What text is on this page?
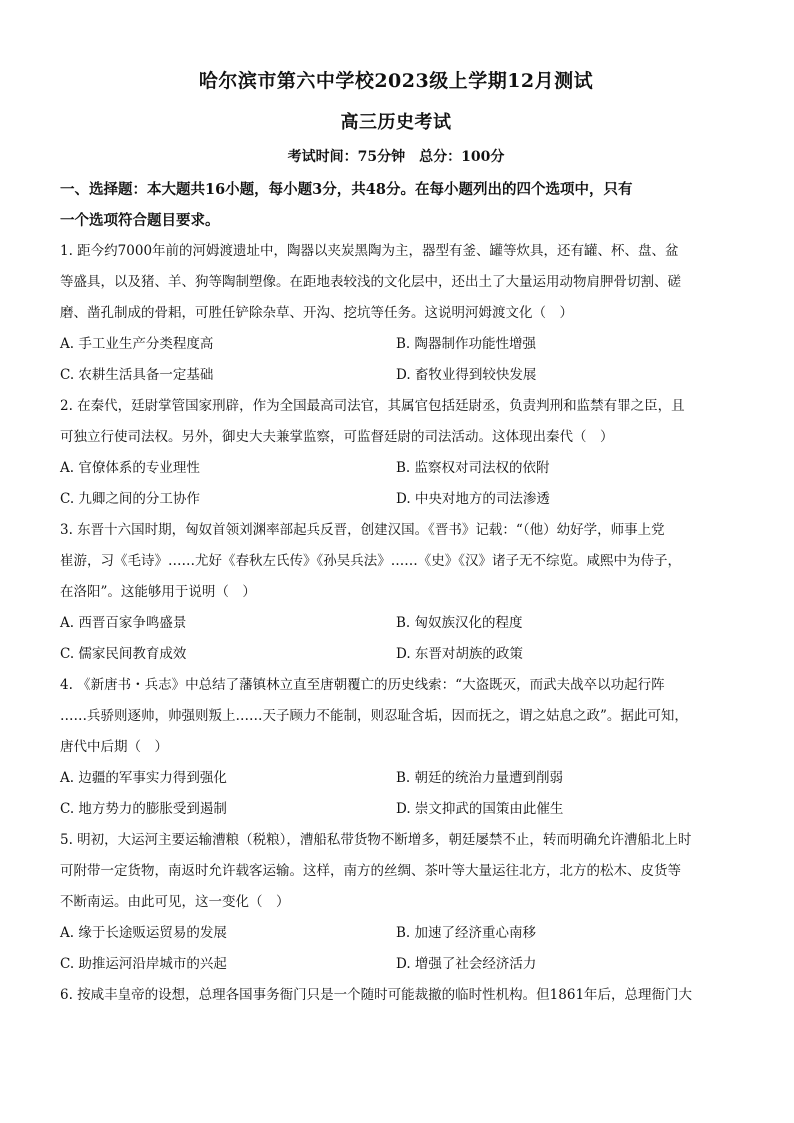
哈尔滨市第六中学校2023级上学期12月测试
高三历史考试
考试时间：75分钟　总分：100分
一、选择题：本大题共16小题，每小题3分，共48分。在每小题列出的四个选项中，只有
一个选项符合题目要求。
1. 距今约7000年前的河姆渡遗址中，陶器以夹炭黑陶为主，器型有釜、罐等炊具，还有罐、杯、盘、盆
等盛具，以及猪、羊、狗等陶制塑像。在距地表较浅的文化层中，还出土了大量运用动物肩胛骨切割、磋
磨、凿孔制成的骨耜，可胜任铲除杂草、开沟、挖坑等任务。这说明河姆渡文化（　）
A. 手工业生产分类程度高	B. 陶器制作功能性增强
C. 农耕生活具备一定基础	D. 畜牧业得到较快发展
2. 在秦代，廷尉掌管国家刑辟，作为全国最高司法官，其属官包括廷尉丞，负责判刑和监禁有罪之臣，且
可独立行使司法权。另外，御史大夫兼掌监察，可监督廷尉的司法活动。这体现出秦代（　）
A. 官僚体系的专业理性	B. 监察权对司法权的依附
C. 九卿之间的分工协作	D. 中央对地方的司法渗透
3. 东晋十六国时期，匈奴首领刘渊率部起兵反晋，创建汉国。《晋书》记载：“（他）幼好学，师事上党
崔游，习《毛诗》……尤好《春秋左氏传》《孙吴兵法》……《史》《汉》诸子无不综览。咸熙中为侍子，
在洛阳”。这能够用于说明（　）
A. 西晋百家争鸣盛景	B. 匈奴族汉化的程度
C. 儒家民间教育成效	D. 东晋对胡族的政策
4. 《新唐书・兵志》中总结了藩镇林立直至唐朝覆亡的历史线索：“大盗既灭，而武夫战卒以功起行阵
……兵骄则逐帅，帅强则叛上……天子顾力不能制，则忍耻含垢，因而抚之，谓之姑息之政”。据此可知，
唐代中后期（　）
A. 边疆的军事实力得到强化	B. 朝廷的统治力量遭到削弱
C. 地方势力的膨胀受到遏制	D. 崇文抑武的国策由此催生
5. 明初，大运河主要运输漕粮（税粮），漕船私带货物不断增多，朝廷屡禁不止，转而明确允许漕船北上时
可附带一定货物，南返时允许载客运输。这样，南方的丝绸、茶叶等大量运往北方，北方的松木、皮货等
不断南运。由此可见，这一变化（　）
A. 缘于长途贩运贸易的发展	B. 加速了经济重心南移
C. 助推运河沿岸城市的兴起	D. 增强了社会经济活力
6. 按咸丰皇帝的设想，总理各国事务衙门只是一个随时可能裁撤的临时性机构。但1861年后，总理衙门大
